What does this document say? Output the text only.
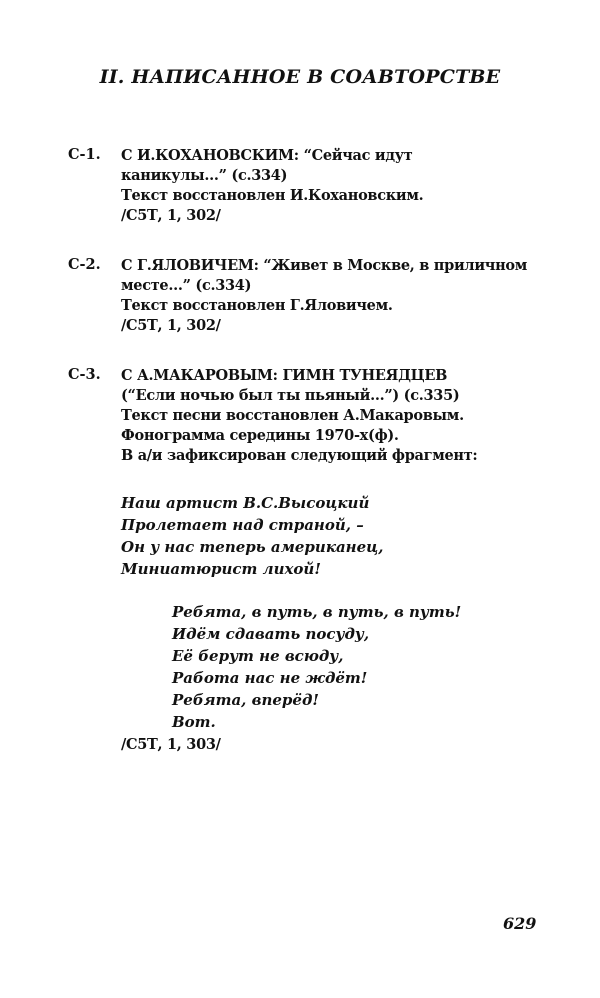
II. НАПИСАННОЕ В СОАВТОРСТВЕ
С-1. С И.КОХАНОВСКИМ: “Сейчас идут
каникулы...” (с.334)
Текст восстановлен И.Кохановским.
/С5Т, 1, 302/
С-2. С Г.ЯЛОВИЧЕМ: “Живет в Москве, в приличном
месте...” (с.334)
Текст восстановлен Г.Яловичем.
/С5Т, 1, 302/
С-3. С А.МАКАРОВЫМ: ГИМН ТУНЕЯДЦЕВ
(“Если ночью был ты пьяный...”) (с.335)
Текст песни восстановлен А.Макаровым.
Фонограмма середины 1970-х(ф).
В а/и зафиксирован следующий фрагмент:
Наш артист В.С.Высоцкий
Пролетает над страной, –
Он у нас теперь американец,
Миниатюрист лихой!
Ребята, в путь, в путь, в путь!
Идём сдавать посуду,
Её берут не всюду,
Работа нас не ждёт!
Ребята, вперёд!
Вот.
/С5Т, 1, 303/
629
